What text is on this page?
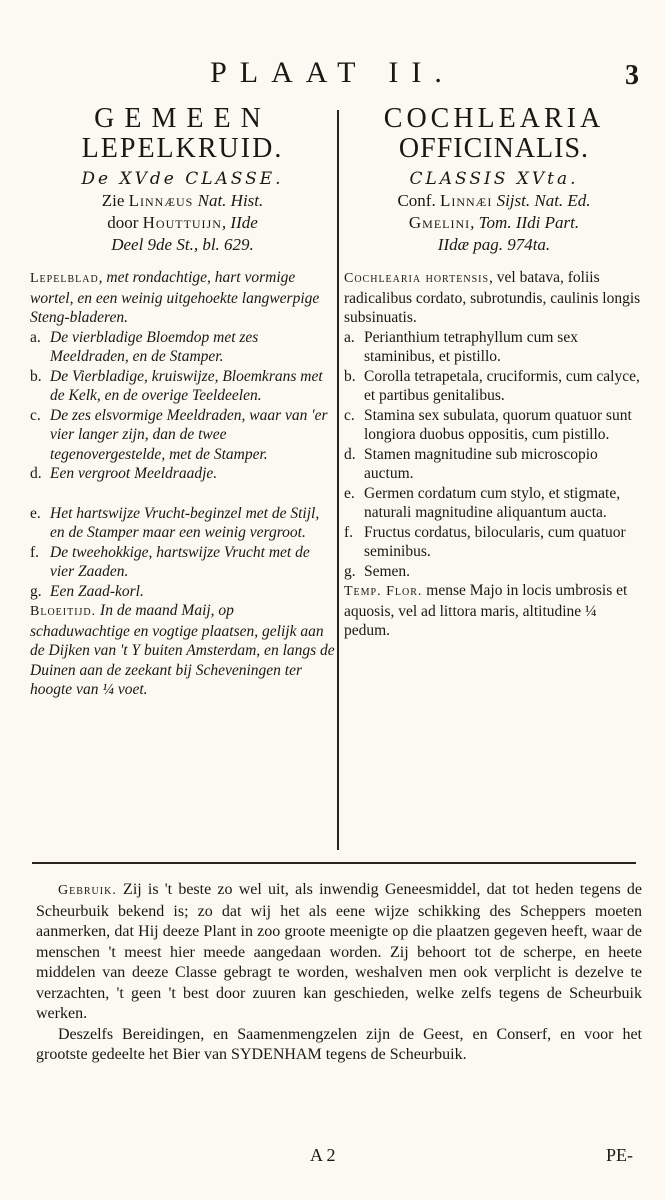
PLAAT II.	3
GEMEEN
LEPELKRUID.
De XVde CLASSE.
Zie Linnæus Nat. Hist.
door Houttuijn, IIde
Deel 9de St., bl. 629.
Lepelblad, met rondachtige, hart vormige wortel, en een weinig uitgehoekte langwerpige Steng-bladeren.
a. De vierbladige Bloemdop met zes Meeldraden, en de Stamper.
b. De Vierbladige, kruiswijze, Bloemkrans met de Kelk, en de overige Teeldeelen.
c. De zes elsvormige Meeldraden, waar van 'er vier langer zijn, dan de twee tegenovergestelde, met de Stamper.
d. Een vergroot Meeldraadje.
e. Het hartswijze Vrucht-beginzel met de Stijl, en de Stamper maar een weinig vergroot.
f. De tweehokkige, hartswijze Vrucht met de vier Zaaden.
g. Een Zaad-korl.
Bloeitijd. In de maand Maij, op schaduwachtige en vogtige plaatsen, gelijk aan de Dijken van 't Y buiten Amsterdam, en langs de Duinen aan de zeekant bij Scheveningen ter hoogte van ¼ voet.
COCHLEARIA
OFFICINALIS.
CLASSIS XVta.
Conf. Linnæi Sijst. Nat. Ed.
Gmelini, Tom. IIdi Part.
IIdæ pag. 974ta.
Cochlearia hortensis, vel batava, foliis radicalibus cordato, subrotundis, caulinis longis subsinuatis.
a. Perianthium tetraphyllum cum sex staminibus, et pistillo.
b. Corolla tetrapetala, cruciformis, cum calyce, et partibus genitalibus.
c. Stamina sex subulata, quorum quatuor sunt longiora duobus oppositis, cum pistillo.
d. Stamen magnitudine sub microscopio auctum.
e. Germen cordatum cum stylo, et stigmate, naturali magnitudine aliquantum aucta.
f. Fructus cordatus, bilocularis, cum quatuor seminibus.
g. Semen.
Temp. Flor. mense Majo in locis umbrosis et aquosis, vel ad littora maris, altitudine ¼ pedum.
Gebruik. Zij is 't beste zo wel uit, als inwendig Geneesmiddel, dat tot heden tegens de Scheurbuik bekend is; zo dat wij het als eene wijze schikking des Scheppers moeten aanmerken, dat Hij deeze Plant in zoo groote meenigte op die plaatzen gegeven heeft, waar de menschen 't meest hier meede aangedaan worden. Zij behoort tot de scherpe, en heete middelen van deeze Classe gebragt te worden, weshalven men ook verplicht is dezelve te verzachten, 't geen 't best door zuuren kan geschieden, welke zelfs tegens de Scheurbuik werken.
Deszelfs Bereidingen, en Saamenmengzelen zijn de Geest, en Conserf, en voor het grootste gedeelte het Bier van SYDENHAM tegens de Scheurbuik.
A 2	PE-
